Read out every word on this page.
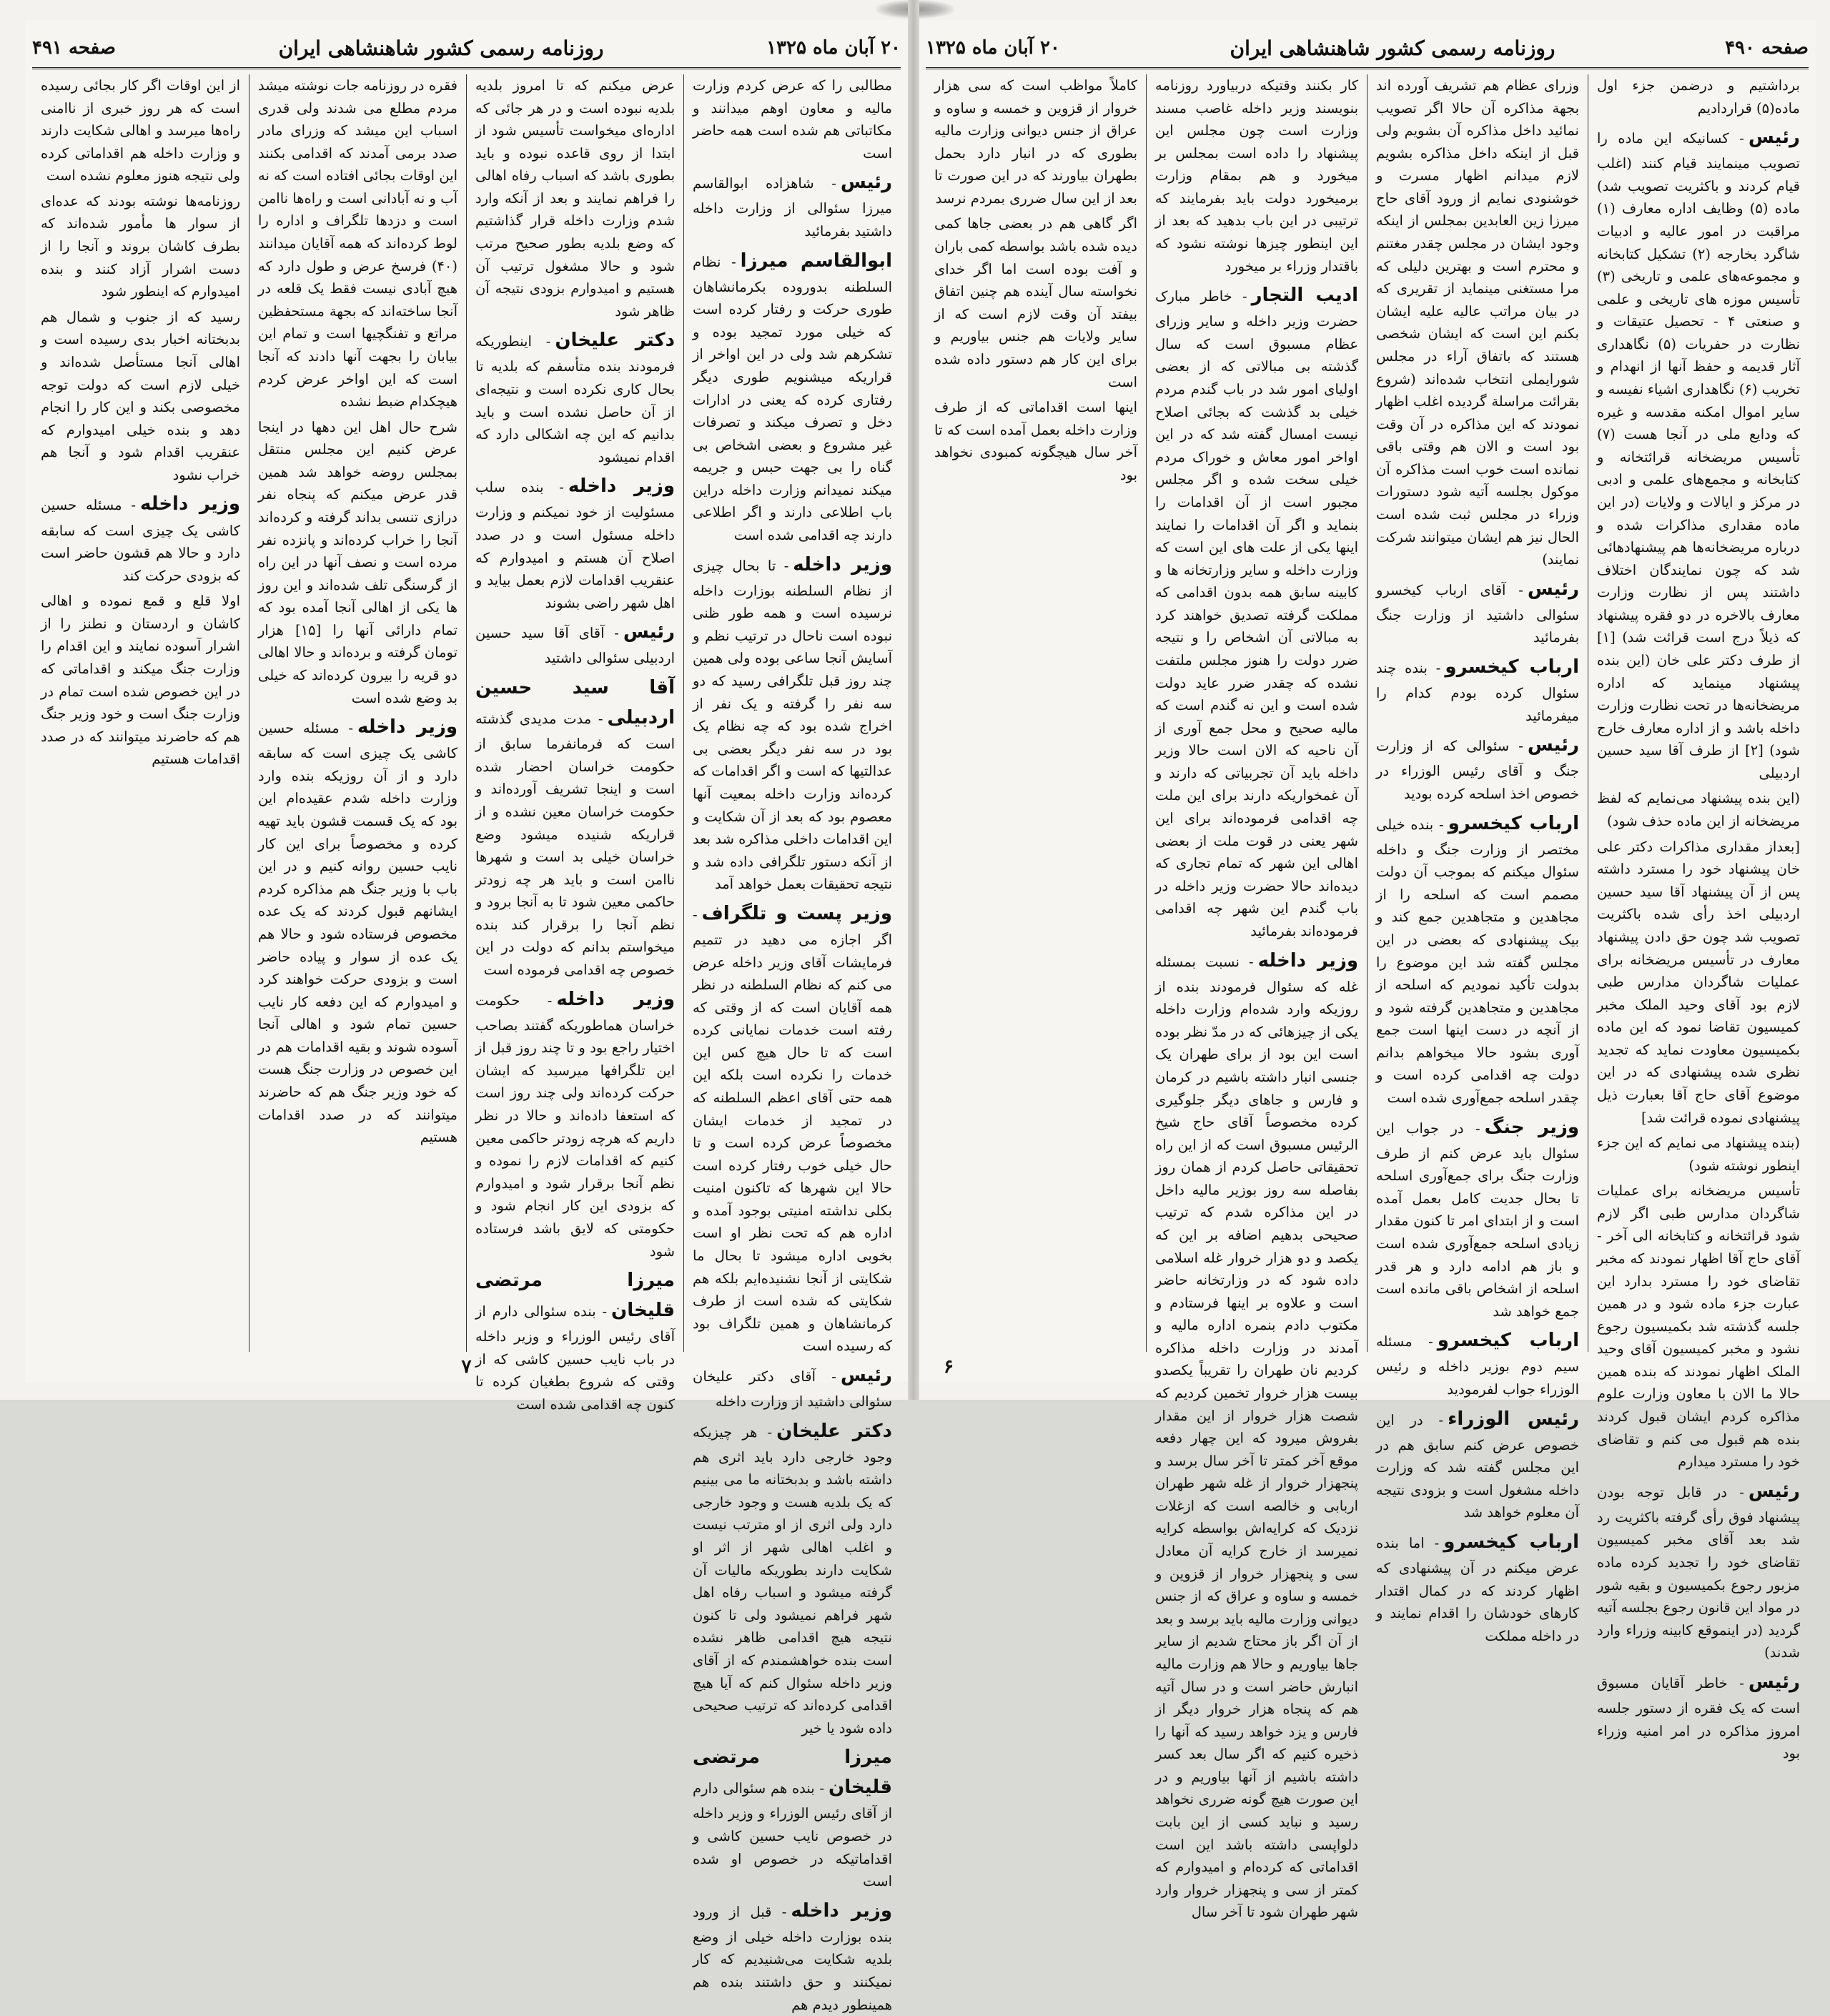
صفحه ۴۹۰
روزنامه رسمی کشور شاهنشاهی ایران
۲۰ آبان ماه ۱۳۲۵

برداشتیم و درضمن جزء اول ماده(۵) قراردادیم

رئیس- کسانیکه این ماده را تصویب مینمایند قیام کنند (اغلب قیام کردند و باکثریت تصویب شد) ماده (۵) وظایف اداره معارف (۱) مراقبت در امور عالیه و ادبیات شاگرد بخارجه (۲) تشکیل کتابخانه و مجموعه‌های علمی و تاریخی (۳) تأسیس موزه های تاریخی و علمی و صنعتی ۴ - تحصیل عتیقات و نظارت در حفریات (۵) نگاهداری آثار قدیمه و حفظ آنها از انهدام و تخریب (۶) نگاهداری اشیاء نفیسه و سایر اموال امکنه مقدسه و غیره که ودایع ملی در آنجا هست (۷) تأسیس مریضخانه قرائتخانه و کتابخانه و مجمع‌های علمی و ادبی در مرکز و ایالات و ولایات (در این ماده مقداری مذاکرات شده و درباره مریضخانه‌ها هم پیشنهادهائی شد که چون نمایندگان اختلاف داشتند پس از نظارت وزارت معارف بالاخره در دو فقره پیشنهاد که ذیلاً درج است قرائت شد) [۱] از طرف دکتر علی خان (این بنده پیشنهاد مینماید که اداره مریضخانه‌ها در تحت نظارت وزارت داخله باشد و از اداره معارف خارج شود) [۲] از طرف آقا سید حسین اردبیلی

(این بنده پیشنهاد می‌نمایم که لفظ مریضخانه از این ماده حذف شود)

[بعداز مقداری مذاکرات دکتر علی خان پیشنهاد خود را مسترد داشته پس از آن پیشنهاد آقا سید حسین اردبیلی اخذ رأی شده باکثریت تصویب شد چون حق دادن پیشنهاد معارف در تأسیس مریضخانه برای عملیات شاگردان مدارس طبی لازم بود آقای وحید الملک مخبر کمیسیون تقاضا نمود که این ماده بکمیسیون معاودت نماید که تجدید نظری شده پیشنهادی که در این موضوع آقای حاج آقا بعبارت ذیل پیشنهادی نموده قرائت شد]

(بنده پیشنهاد می نمایم که این جزء اینطور نوشته شود)

تأسیس مریضخانه برای عملیات شاگردان مدارس طبی اگر لازم شود قرائتخانه و کتابخانه الی آخر - آقای حاج آقا اظهار نمودند که مخبر تقاضای خود را مسترد بدارد این عبارت جزء ماده شود و در همین جلسه گذشته شد بکمیسیون رجوع نشود و مخبر کمیسیون آقای وحید الملک اظهار نمودند که بنده همین حالا ما الان با معاون وزارت علوم مذاکره کردم ایشان قبول کردند بنده هم قبول می کنم و تقاضای خود را مسترد میدارم

رئیس- در قابل توجه بودن پیشنهاد فوق رأی گرفته باکثریت رد شد بعد آقای مخبر کمیسیون تقاضای خود را تجدید کرده ماده مزبور رجوع بکمیسیون و بقیه شور در مواد این قانون رجوع بجلسه آتیه گردید (در اینموقع کابینه وزراء وارد شدند)

رئیس- خاطر آقایان مسبوق است که یک فقره از دستور جلسه امروز مذاکره در امر امنیه وزراء بود

وزرای عظام هم تشریف آورده اند بجهة مذاکره آن حالا اگر تصویب نمائید داخل مذاکره آن بشویم ولی قبل از اینکه داخل مذاکره بشویم لازم میدانم اظهار مسرت و خوشنودی نمایم از ورود آقای حاج میرزا زین العابدین بمجلس از اینکه وجود ایشان در مجلس چقدر مغتنم و محترم است و بهترین دلیلی که مرا مستغنی مینماید از تقریری که در بیان مراتب عالیه علیه ایشان بکنم این است که ایشان شخصی هستند که باتفاق آراء در مجلس شورایملی انتخاب شده‌اند (شروع بقرائت مراسلة گردیده اغلب اظهار نمودند که این مذاکره در آن وقت بود است و الان هم وقتی باقی نمانده است خوب است مذاکره آن موکول بجلسه آتیه شود دستورات وزراء در مجلس ثبت شده است الحال نیز هم ایشان میتوانند شرکت نمایند)

رئیس- آقای ارباب کیخسرو سئوالی داشتید از وزارت جنگ بفرمائید

ارباب کیخسرو- بنده چند سئوال کرده بودم کدام را میفرمائید

رئیس- سئوالی که از وزارت جنگ و آقای رئیس الوزراء در خصوص اخذ اسلحه کرده بودید

ارباب کیخسرو- بنده خیلی مختصر از وزارت جنگ و داخله سئوال میکنم که بموجب آن دولت مصمم است که اسلحه را از مجاهدین و متجاهدین جمع کند و بیک پیشنهادی که بعضی در این مجلس گفته شد این موضوع را بدولت تأکید نمودیم که اسلحه از مجاهدین و متجاهدین گرفته شود و از آنچه در دست اینها است جمع آوری بشود حالا میخواهم بدانم دولت چه اقدامی کرده است و چقدر اسلحه جمع‌آوری شده است

وزیر جنگ- در جواب این سئوال باید عرض کنم از طرف وزارت جنگ برای جمع‌آوری اسلحه تا بحال جدیت کامل بعمل آمده است و از ابتدای امر تا کنون مقدار زیادی اسلحه جمع‌آوری شده است و باز هم ادامه دارد و هر قدر اسلحه از اشخاص باقی مانده است جمع خواهد شد

ارباب کیخسرو- مسئله سیم دوم بوزیر داخله و رئیس الوزراء جواب لفرمودید

رئیس الوزراء- در این خصوص عرض کنم سابق هم در این مجلس گفته شد که وزارت داخله مشغول است و بزودی نتیجه آن معلوم خواهد شد

ارباب کیخسرو- اما بنده عرض میکنم در آن پیشنهادی که اظهار کردند که در کمال اقتدار کارهای خودشان را اقدام نمایند و در داخله مملکت

کار بکنند وقتیکه دربیاورد روزنامه بنویسند وزیر داخله غاصب مسند وزارت است چون مجلس این پیشنهاد را داده است بمجلس بر میخورد و هم بمقام وزارت برمیخورد دولت باید بفرمایند که ترتیبی در این باب بدهید که بعد از این اینطور چیزها نوشته نشود که باقتدار وزراء بر میخورد

ادیب التجار- خاطر مبارک حضرت وزیر داخله و سایر وزرای عظام مسبوق است که سال گذشته بی مبالاتی که از بعضی اولیای امور شد در باب گندم مردم خیلی بد گذشت که بجائی اصلاح نیست امسال گفته شد که در این اواخر امور معاش و خوراک مردم خیلی سخت شده و اگر مجلس مجبور است از آن اقدامات را بنماید و اگر آن اقدامات را نمایند اینها یکی از علت های این است که وزارت داخله و سایر وزارتخانه ها و کابینه سابق همه بدون اقدامی که مملکت گرفته تصدیق خواهند کرد به مبالاتی آن اشخاص را و نتیجه ضرر دولت را هنوز مجلس ملتفت نشده که چقدر ضرر عاید دولت شده است و این نه گندم است که مالیه صحیح و محل جمع آوری از آن ناحیه که الان است حالا وزیر داخله باید آن تجربیاتی که دارند و آن غمخواریکه دارند برای این ملت چه اقدامی فرموده‌اند برای این شهر یعنی در قوت ملت از بعضی اهالی این شهر که تمام تجاری که دیده‌اند حالا حضرت وزیر داخله در باب گندم این شهر چه اقدامی فرموده‌اند بفرمائید

وزیر داخله- نسبت بمسئله غله که سئوال فرمودند بنده از روزیکه وارد شده‌ام وزارت داخله یکی از چیزهائی که در مدّ نظر بوده است این بود از برای طهران یک جنسی انبار داشته باشیم در کرمان و فارس و جاهای دیگر جلوگیری کرده مخصوصاً آقای حاج شیخ الرئیس مسبوق است که از این راه تحقیقاتی حاصل کردم از همان روز بفاصله سه روز بوزیر مالیه داخل در این مذاکره شدم که ترتیب صحیحی بدهیم اضافه بر این که یکصد و دو هزار خروار غله اسلامی داده شود که در وزارتخانه حاضر است و علاوه بر اینها فرستادم و مکتوب دادم بنمره اداره مالیه و آمدند در وزارت داخله مذاکره کردیم نان طهران را تقریباً یکصدو بیست هزار خروار تخمین کردیم که شصت هزار خروار از این مقدار بفروش میرود که این چهار دفعه موقع آخر کمتر تا آخر سال برسد و پنجهزار خروار از غله شهر طهران اربابی و خالصه است که ازغلات نزدیک که کرایه‌اش بواسطه کرایه نمیرسد از خارج کرایه آن معادل سی و پنجهزار خروار از قزوین و خمسه و ساوه و عراق که از جنس دیوانی وزارت مالیه باید برسد و بعد از آن اگر باز محتاج شدیم از سایر جاها بیاوریم و حالا هم وزارت مالیه انبارش حاضر است و در سال آتیه هم که پنجاه هزار خروار دیگر از فارس و یزد خواهد رسید که آنها را ذخیره کنیم که اگر سال بعد کسر داشته باشیم از آنها بیاوریم و در این صورت هیچ گونه ضرری نخواهد رسید و نباید کسی از این بابت دلواپسی داشته باشد این است اقداماتی که کرده‌ام و امیدوارم که کمتر از سی و پنجهزار خروار وارد شهر طهران شود تا آخر سال

کاملاً مواظب است که سی هزار خروار از قزوین و خمسه و ساوه و عراق از جنس دیوانی وزارت مالیه بطوری که در انبار دارد بحمل بطهران بیاورند که در این صورت تا بعد از این سال ضرری بمردم نرسد

اگر گاهی هم در بعضی جاها کمی دیده شده باشد بواسطه کمی باران و آفت بوده است اما اگر خدای نخواسته سال آینده هم چنین اتفاق بیفتد آن وقت لازم است که از سایر ولایات هم جنس بیاوریم و برای این کار هم دستور داده شده است

اینها است اقداماتی که از طرف وزارت داخله بعمل آمده است که تا آخر سال هیچگونه کمبودی نخواهد بود

۶
۲۰ آبان ماه ۱۳۲۵
روزنامه رسمی کشور شاهنشاهی ایران
صفحه ۴۹۱

مطالبی را که عرض کردم وزارت مالیه و معاون اوهم میدانند و مکاتباتی هم شده است همه حاضر است

رئیس- شاهزاده ابوالقاسم میرزا سئوالی از وزارت داخله داشتید بفرمائید

ابوالقاسم میرزا- نظام السلطنه بدوروده بکرمانشاهان طوری حرکت و رفتار کرده است که خیلی مورد تمجید بوده و تشکرهم شد ولی در این اواخر از قراریکه میشنویم طوری دیگر رفتاری کرده که یعنی در ادارات دخل و تصرف میکند و تصرفات غیر مشروع و بعضی اشخاص بی گناه را بی جهت حبس و جریمه میکند نمیدانم وزارت داخله دراین باب اطلاعی دارند و اگر اطلاعی دارند چه اقدامی شده است

وزیر داخله- تا بحال چیزی از نظام السلطنه بوزارت داخله نرسیده است و همه طور ظنی نبوده است ناحال در ترتیب نظم و آسایش آنجا ساعی بوده ولی همین چند روز قبل تلگرافی رسید که دو سه نفر را گرفته و یک نفر از اخراج شده بود که چه نظام یک بود در سه نفر دیگر بعضی بی عدالتیها که است و اگر اقدامات که کرده‌اند وزارت داخله بمعیت آنها معصوم بود که بعد از آن شکایت و این اقدامات داخلی مذاکره شد بعد از آنکه دستور تلگرافی داده شد و نتیجه تحقیقات بعمل خواهد آمد

وزیر پست و تلگراف- اگر اجازه می دهید در تتمیم فرمایشات آقای وزیر داخله عرض می کنم که نظام السلطنه در نظر همه آقایان است که از وقتی که رفته است خدمات نمایانی کرده است که تا حال هیچ کس این خدمات را نکرده است بلکه این همه حتی آقای اعظم السلطنه که در تمجید از خدمات ایشان مخصوصاً عرض کرده است و تا حال خیلی خوب رفتار کرده است حالا این شهرها که تاکنون امنیت بکلی نداشته امنیتی بوجود آمده و اداره هم که تحت نظر او است بخوبی اداره میشود تا بحال ما شکایتی از آنجا نشنیده‌ایم بلکه هم شکایتی که شده است از طرف کرمانشاهان و همین تلگراف بود که رسیده است

رئیس- آقای دکتر علیخان سئوالی داشتید از وزارت داخله

دکتر علیخان- هر چیزیکه وجود خارجی دارد باید اثری هم داشته باشد و بدبختانه ما می بینیم که یک بلدیه هست و وجود خارجی دارد ولی اثری از او مترتب نیست و اغلب اهالی شهر از اثر او شکایت دارند بطوریکه مالیات آن گرفته میشود و اسباب رفاه اهل شهر فراهم نمیشود ولی تا کنون نتیجه هیچ اقدامی ظاهر نشده است بنده خواهشمندم که از آقای وزیر داخله سئوال کنم که آیا هیچ اقدامی کرده‌اند که ترتیب صحیحی داده شود یا خیر

میرزا مرتضی قلیخان- بنده هم سئوالی دارم از آقای رئیس الوزراء و وزیر داخله در خصوص نایب حسین کاشی و اقداماتیکه در خصوص او شده است

وزیر داخله- قبل از ورود بنده بوزارت داخله خیلی از وضع بلدیه شکایت می‌شنیدیم که کار نمیکنند و حق داشتند بنده هم همینطور دیدم هم

عرض میکنم که تا امروز بلدیه بلدیه نبوده است و در هر جائی که اداره‌ای میخواست تأسیس شود از ابتدا از روی قاعده نبوده و باید بطوری باشد که اسباب رفاه اهالی را فراهم نمایند و بعد از آنکه وارد شدم وزارت داخله قرار گذاشتیم که وضع بلدیه بطور صحیح مرتب شود و حالا مشغول ترتیب آن هستیم و امیدوارم بزودی نتیجه آن ظاهر شود

دکتر علیخان- اینطوریکه فرمودند بنده متأسفم که بلدیه تا بحال کاری نکرده است و نتیجه‌ای از آن حاصل نشده است و باید بدانیم که این چه اشکالی دارد که اقدام نمیشود

وزیر داخله- بنده سلب مسئولیت از خود نمیکنم و وزارت داخله مسئول است و در صدد اصلاح آن هستم و امیدوارم که عنقریب اقدامات لازم بعمل بیاید و اهل شهر راضی بشوند

رئیس- آقای آقا سید حسین اردبیلی سئوالی داشتید

آقا سید حسین اردبیلی- مدت مدیدی گذشته است که فرمانفرما سابق از حکومت خراسان احضار شده است و اینجا تشریف آورده‌اند و حکومت خراسان معین نشده و از قراریکه شنیده میشود وضع خراسان خیلی بد است و شهرها ناامن است و باید هر چه زودتر حاکمی معین شود تا به آنجا برود و نظم آنجا را برقرار کند بنده میخواستم بدانم که دولت در این خصوص چه اقدامی فرموده است

وزیر داخله- حکومت خراسان هماطوریکه گفتند بصاحب اختیار راجع بود و تا چند روز قبل از این تلگرافها میرسید که ایشان حرکت کرده‌اند ولی چند روز است که استعفا داده‌اند و حالا در نظر داریم که هرچه زودتر حاکمی معین کنیم که اقدامات لازم را نموده و نظم آنجا برقرار شود و امیدوارم که بزودی این کار انجام شود و حکومتی که لایق باشد فرستاده شود

میرزا مرتضی قلیخان- بنده سئوالی دارم از آقای رئیس الوزراء و وزیر داخله در باب نایب حسین کاشی که از وقتی که شروع بطغیان کرده تا کنون چه اقدامی شده است

فقره در روزنامه جات نوشته میشد مردم مطلع می شدند ولی قدری اسباب این میشد که وزرای مادر صدد برمی آمدند که اقدامی بکنند این اوقات بجائی افتاده است که نه آب و نه آبادانی است و راه‌ها ناامن است و دزدها تلگراف و اداره را لوط کرده‌اند که همه آقایان میدانند (۴۰) فرسخ عرض و طول دارد که هیچ آبادی نیست فقط یک قلعه در آنجا ساخته‌اند که بجهة مستحفظین مراتع و تفنگچیها است و تمام این بیابان را بجهت آنها دادند که آنجا است که این اواخر عرض کردم هیچکدام ضبط نشده

شرح حال اهل این دهها در اینجا عرض کنیم این مجلس منتقل بمجلس روضه خواهد شد همین قدر عرض میکنم که پنجاه نفر درازی تنسی بداند گرفته و کرده‌اند آنجا را خراب کرده‌اند و پانزده نفر مرده است و نصف آنها در این راه از گرسنگی تلف شده‌اند و این روز ها یکی از اهالی آنجا آمده بود که تمام دارائی آنها را [۱۵] هزار تومان گرفته و برده‌اند و حالا اهالی دو قریه را بیرون کرده‌اند که خیلی بد وضع شده است

وزیر داخله- مسئله حسین کاشی یک چیزی است که سابقه دارد و از آن روزیکه بنده وارد وزارت داخله شدم عقیده‌ام این بود که یک قسمت قشون باید تهیه کرده و مخصوصاً برای این کار نایب حسین روانه کنیم و در این باب با وزیر جنگ هم مذاکره کردم ایشانهم قبول کردند که یک عده مخصوص فرستاده شود و حالا هم یک عده از سوار و پیاده حاضر است و بزودی حرکت خواهند کرد و امیدوارم که این دفعه کار نایب حسین تمام شود و اهالی آنجا آسوده شوند و بقیه اقدامات هم در این خصوص در وزارت جنگ هست که خود وزیر جنگ هم که حاضرند میتوانند که در صدد اقدامات هستیم

از این اوقات اگر کار بجائی رسیده است که هر روز خبری از ناامنی راه‌ها میرسد و اهالی شکایت دارند و وزارت داخله هم اقداماتی کرده ولی نتیجه هنوز معلوم نشده است

روزنامه‌ها نوشته بودند که عده‌ای از سوار ها مأمور شده‌اند که بطرف کاشان بروند و آنجا را از دست اشرار آزاد کنند و بنده امیدوارم که اینطور شود

رسید که از جنوب و شمال هم بدبختانه اخبار بدی رسیده است و اهالی آنجا مستأصل شده‌اند و خیلی لازم است که دولت توجه مخصوصی بکند و این کار را انجام دهد و بنده خیلی امیدوارم که عنقریب اقدام شود و آنجا هم خراب نشود

وزیر داخله- مسئله حسین کاشی یک چیزی است که سابقه دارد و حالا هم قشون حاضر است که بزودی حرکت کند

اولا قلع و قمع نموده و اهالی کاشان و اردستان و نطنز را از اشرار آسوده نمایند و این اقدام را وزارت جنگ میکند و اقداماتی که در این خصوص شده است تمام در وزارت جنگ است و خود وزیر جنگ هم که حاضرند میتوانند که در صدد اقدامات هستیم

۷
